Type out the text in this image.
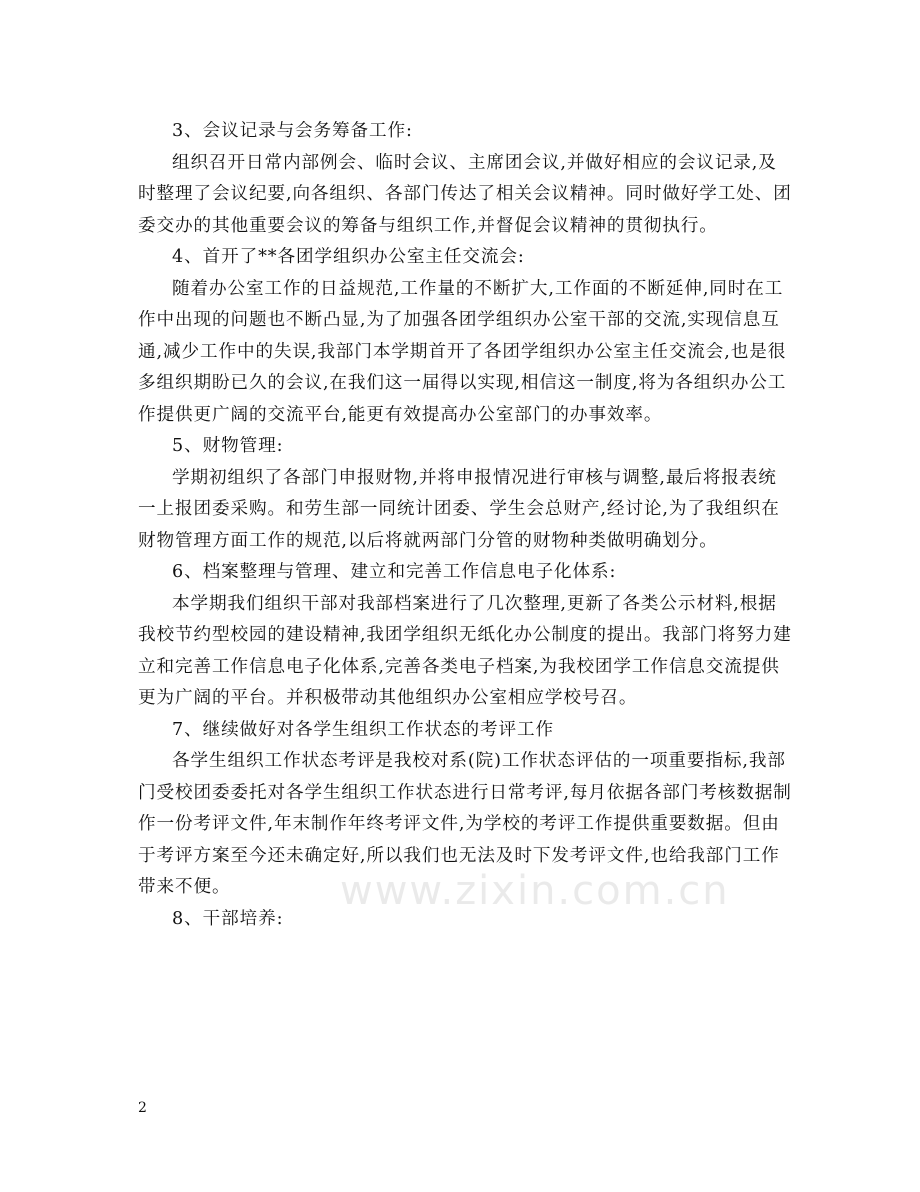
www.zixin.com.cn
3、会议记录与会务筹备工作:
组织召开日常内部例会、临时会议、主席团会议,并做好相应的会议记录,及
时整理了会议纪要,向各组织、各部门传达了相关会议精神。同时做好学工处、团
委交办的其他重要会议的筹备与组织工作,并督促会议精神的贯彻执行。
4、首开了**各团学组织办公室主任交流会:
随着办公室工作的日益规范,工作量的不断扩大,工作面的不断延伸,同时在工
作中出现的问题也不断凸显,为了加强各团学组织办公室干部的交流,实现信息互
通,减少工作中的失误,我部门本学期首开了各团学组织办公室主任交流会,也是很
多组织期盼已久的会议,在我们这一届得以实现,相信这一制度,将为各组织办公工
作提供更广阔的交流平台,能更有效提高办公室部门的办事效率。
5、财物管理:
学期初组织了各部门申报财物,并将申报情况进行审核与调整,最后将报表统
一上报团委采购。和劳生部一同统计团委、学生会总财产,经讨论,为了我组织在
财物管理方面工作的规范,以后将就两部门分管的财物种类做明确划分。
6、档案整理与管理、建立和完善工作信息电子化体系:
本学期我们组织干部对我部档案进行了几次整理,更新了各类公示材料,根据
我校节约型校园的建设精神,我团学组织无纸化办公制度的提出。我部门将努力建
立和完善工作信息电子化体系,完善各类电子档案,为我校团学工作信息交流提供
更为广阔的平台。并积极带动其他组织办公室相应学校号召。
7、继续做好对各学生组织工作状态的考评工作
各学生组织工作状态考评是我校对系(院)工作状态评估的一项重要指标,我部
门受校团委委托对各学生组织工作状态进行日常考评,每月依据各部门考核数据制
作一份考评文件,年末制作年终考评文件,为学校的考评工作提供重要数据。但由
于考评方案至今还未确定好,所以我们也无法及时下发考评文件,也给我部门工作
带来不便。
8、干部培养:
2
